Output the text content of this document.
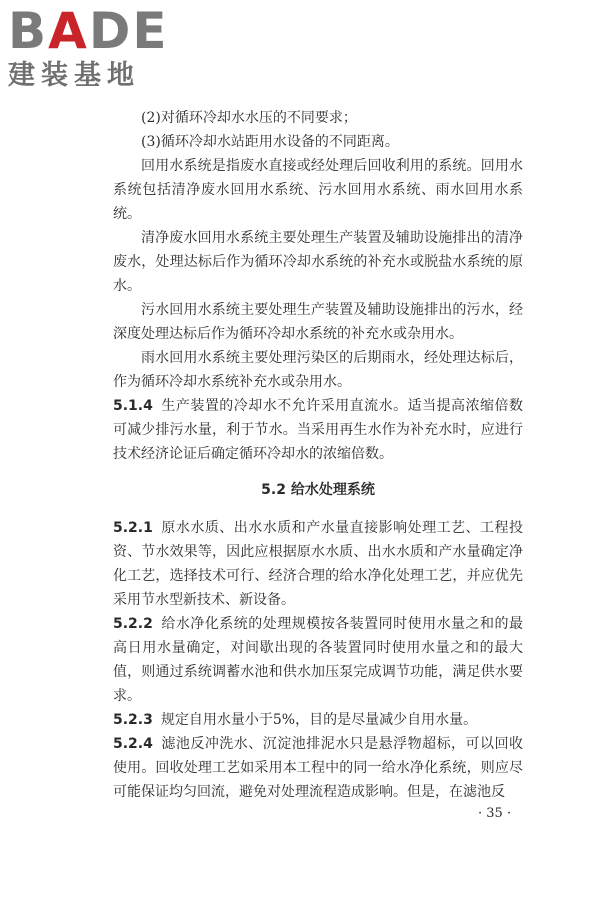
BADE
建装基地

(2)对循环冷却水水压的不同要求；

(3)循环冷却水站距用水设备的不同距离。

回用水系统是指废水直接或经处理后回收利用的系统。回用水系统包括清净废水回用水系统、污水回用水系统、雨水回用水系统。

清净废水回用水系统主要处理生产装置及辅助设施排出的清净废水，处理达标后作为循环冷却水系统的补充水或脱盐水系统的原水。

污水回用水系统主要处理生产装置及辅助设施排出的污水，经深度处理达标后作为循环冷却水系统的补充水或杂用水。

雨水回用水系统主要处理污染区的后期雨水，经处理达标后，作为循环冷却水系统补充水或杂用水。

5.1.4 生产装置的冷却水不允许采用直流水。适当提高浓缩倍数可减少排污水量，利于节水。当采用再生水作为补充水时，应进行技术经济论证后确定循环冷却水的浓缩倍数。

5.2 给水处理系统

5.2.1 原水水质、出水水质和产水量直接影响处理工艺、工程投资、节水效果等，因此应根据原水水质、出水水质和产水量确定净化工艺，选择技术可行、经济合理的给水净化处理工艺，并应优先采用节水型新技术、新设备。

5.2.2 给水净化系统的处理规模按各装置同时使用水量之和的最高日用水量确定，对间歇出现的各装置同时使用水量之和的最大值，则通过系统调蓄水池和供水加压泵完成调节功能，满足供水要求。

5.2.3 规定自用水量小于5%，目的是尽量减少自用水量。

5.2.4 滤池反冲洗水、沉淀池排泥水只是悬浮物超标，可以回收使用。回收处理工艺如采用本工程中的同一给水净化系统，则应尽可能保证均匀回流，避免对处理流程造成影响。但是，在滤池反

· 35 ·
